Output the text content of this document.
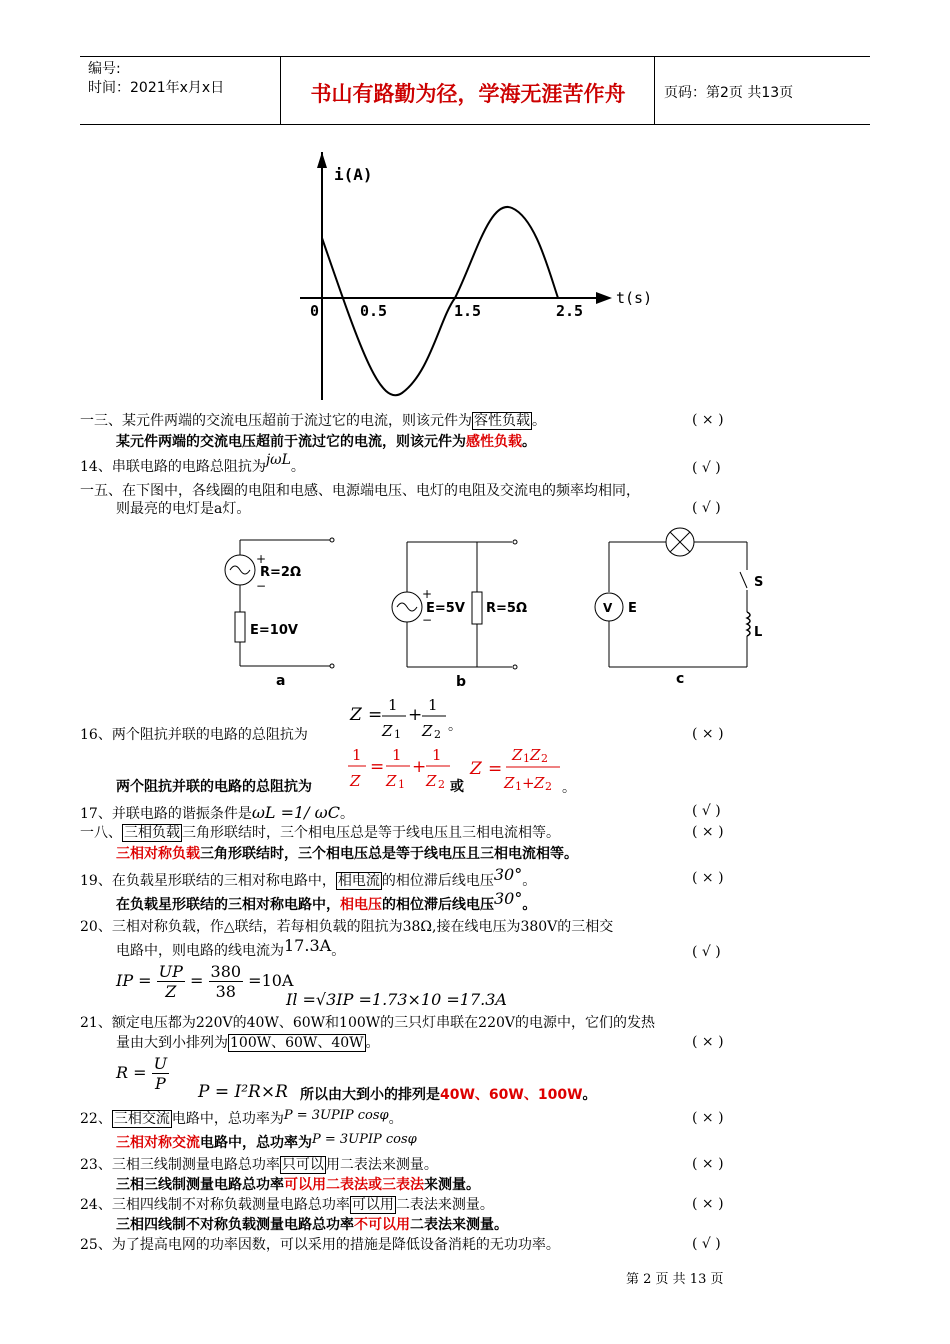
编号:
时间：2021年x月x日	书山有路勤为径，学海无涯苦作舟	页码：第2页 共13页
i(A)
t(s)
0	0.5	1.5	2.5
一三、某元件两端的交流电压超前于流过它的电流，则该元件为 容性负载 。	( × )
某元件两端的交流电压超前于流过它的电流，则该元件为感性负载。
14、串联电路的电路总阻抗为jωL。	( √ )
一五、在下图中，各线圈的电阻和电感、电源端电压、电灯的电阻及交流电的频率均相同，
则最亮的电灯是a灯。	( √ )
+
−
R=2Ω
E=10V
a
+
−
E=5V R=5Ω
b
V E
S
L
c
16、两个阻抗并联的电路的总阻抗为
Z = 1
Z 1
+ 1
Z 2
。	( × )
两个阻抗并联的电路的总阻抗为
1
Z
=
1
Z 1
+
1
Z 2
Z =
Z 1 Z 2
Z 1 + Z 2 。
或
17、并联电路的谐振条件是ωL =1/ ωC。	( √ )
一八、 三相负载 三角形联结时，三个相电压总是等于线电压且三相电流相等。	( × )
三相对称负载三角形联结时，三个相电压总是等于线电压且三相电流相等。
19、在负载星形联结的三相对称电路中， 相电流 的相位滞后线电压30°。	( × )
在负载星形联结的三相对称电路中，相电压的相位滞后线电压30°。
20、三相对称负载，作△联结，若每相负载的阻抗为38Ω,接在线电压为380V的三相交
电路中，则电路的线电流为17.3A。	( √ )
IP = $\frac{UP}{Z} = \frac{380}{38} =10A$
Il =√3IP =1.73×10 =17.3A
21、额定电压都为220V的40W、60W和100W的三只灯串联在220V的电源中，它们的发热
量由大到小排列为 100W、60W、40W 。	( × )
$R = \frac{U}{P}$ P = I²R×R 所以由大到小的排列是40W、60W、100W。
22、 三相交流 电路中，总功率为P = 3UPIP cosφ。	( × )
三相对称交流电路中，总功率为P = 3UPIP cosφ
23、三相三线制测量电路总功率 只可以 用二表法来测量。	( × )
三相三线制测量电路总功率可以用二表法或三表法来测量。
24、三相四线制不对称负载测量电路总功率 可以用 二表法来测量。	( × )
三相四线制不对称负载测量电路总功率不可以用二表法来测量。
25、为了提高电网的功率因数，可以采用的措施是降低设备消耗的无功功率。	( √ )
第 2 页 共 13 页
